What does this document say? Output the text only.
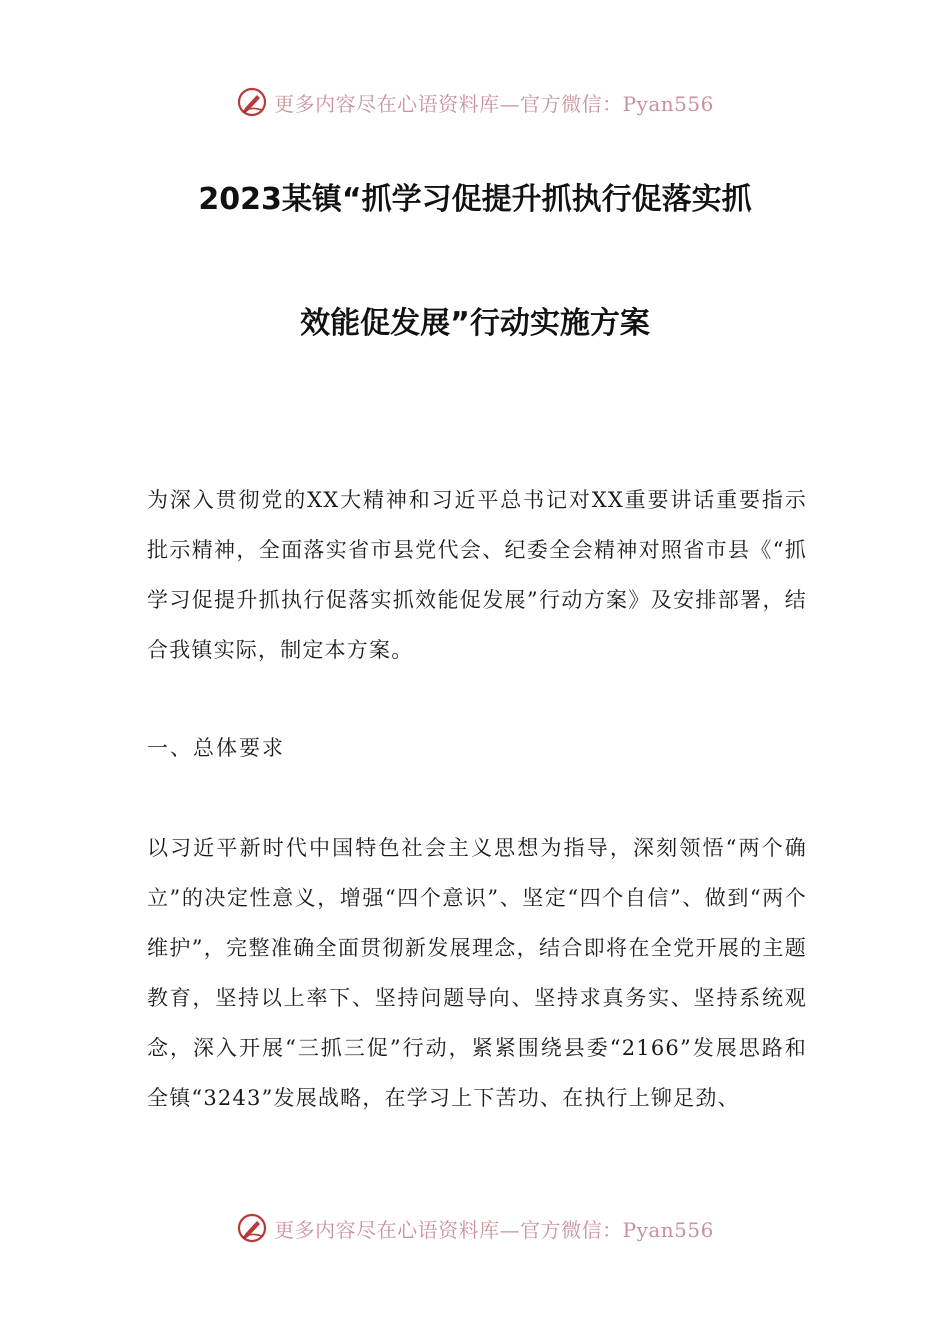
更多内容尽在心语资料库—官方微信：Pyan556
2023某镇“抓学习促提升抓执行促落实抓
效能促发展”行动实施方案

为深入贯彻党的XX大精神和习近平总书记对XX重要讲话重要指示批示精神，全面落实省市县党代会、纪委全会精神对照省市县《“抓学习促提升抓执行促落实抓效能促发展”行动方案》及安排部署，结合我镇实际，制定本方案。

一、总体要求

以习近平新时代中国特色社会主义思想为指导，深刻领悟“两个确立”的决定性意义，增强“四个意识”、坚定“四个自信”、做到“两个维护”，完整准确全面贯彻新发展理念，结合即将在全党开展的主题教育，坚持以上率下、坚持问题导向、坚持求真务实、坚持系统观念，深入开展“三抓三促”行动，紧紧围绕县委“2166”发展思路和全镇“3243”发展战略，在学习上下苦功、在执行上铆足劲、

更多内容尽在心语资料库—官方微信：Pyan556
